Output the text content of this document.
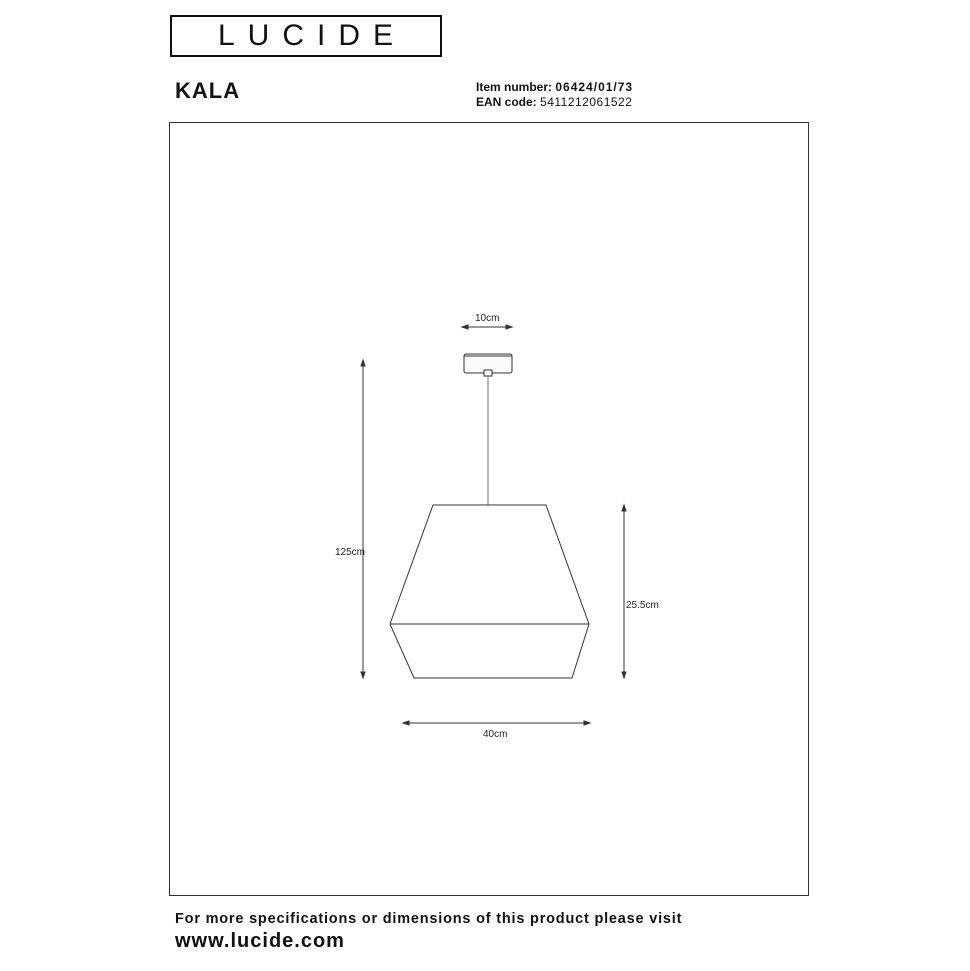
LUCIDE
KALA	Item number: 06424/01/73
EAN code: 5411212061522
10cm
125cm
25.5cm
40cm
For more specifications or dimensions of this product please visit
www.lucide.com
